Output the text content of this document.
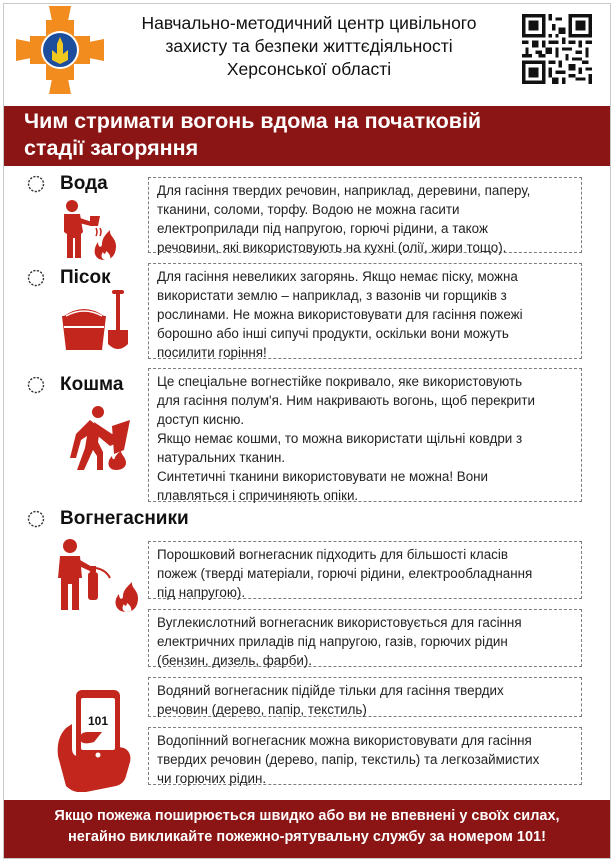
Навчально-методичний центр цивільного
захисту та безпеки життєдіяльності
Херсонської області
Чим стримати вогонь вдома на початковій
стадії загоряння
Вода	Для гасіння твердих речовин, наприклад, деревини, паперу,

тканини, соломи, торфу. Водою не можна гасити

електроприлади під напругою, горючі рідини, а також

речовини, які використовують на кухні (олії, жири тощо).

Пісок	Для гасіння невеликих загорянь. Якщо немає піску, можна

використати землю – наприклад, з вазонів чи горщиків з

рослинами. Не можна використовувати для гасіння пожежі

борошно або інші сипучі продукти, оскільки вони можуть

посилити горіння!

Кошма	Це спеціальне вогнестійке покривало, яке використовують

для гасіння полум'я. Ним накривають вогонь, щоб перекрити

доступ кисню.

Якщо немає кошми, то можна використати щільні ковдри з

натуральних тканин.

Синтетичні тканини використовувати не можна! Вони

плавляться і спричиняють опіки.

Вогнегасники

Порошковий вогнегасник підходить для більшості класів

пожеж (тверді матеріали, горючі рідини, електрообладнання

під напругою).

Вуглекислотний вогнегасник використовується для гасіння

електричних приладів під напругою, газів, горючих рідин

(бензин, дизель, фарби).

Водяний вогнегасник підійде тільки для гасіння твердих

речовин (дерево, папір, текстиль)

Водопінний вогнегасник можна використовувати для гасіння

твердих речовин (дерево, папір, текстиль) та легкозаймистих

чи горючих рідин.

101
Якщо пожежа поширюється швидко або ви не впевнені у своїх силах,
негайно викликайте пожежно-рятувальну службу за номером 101!
